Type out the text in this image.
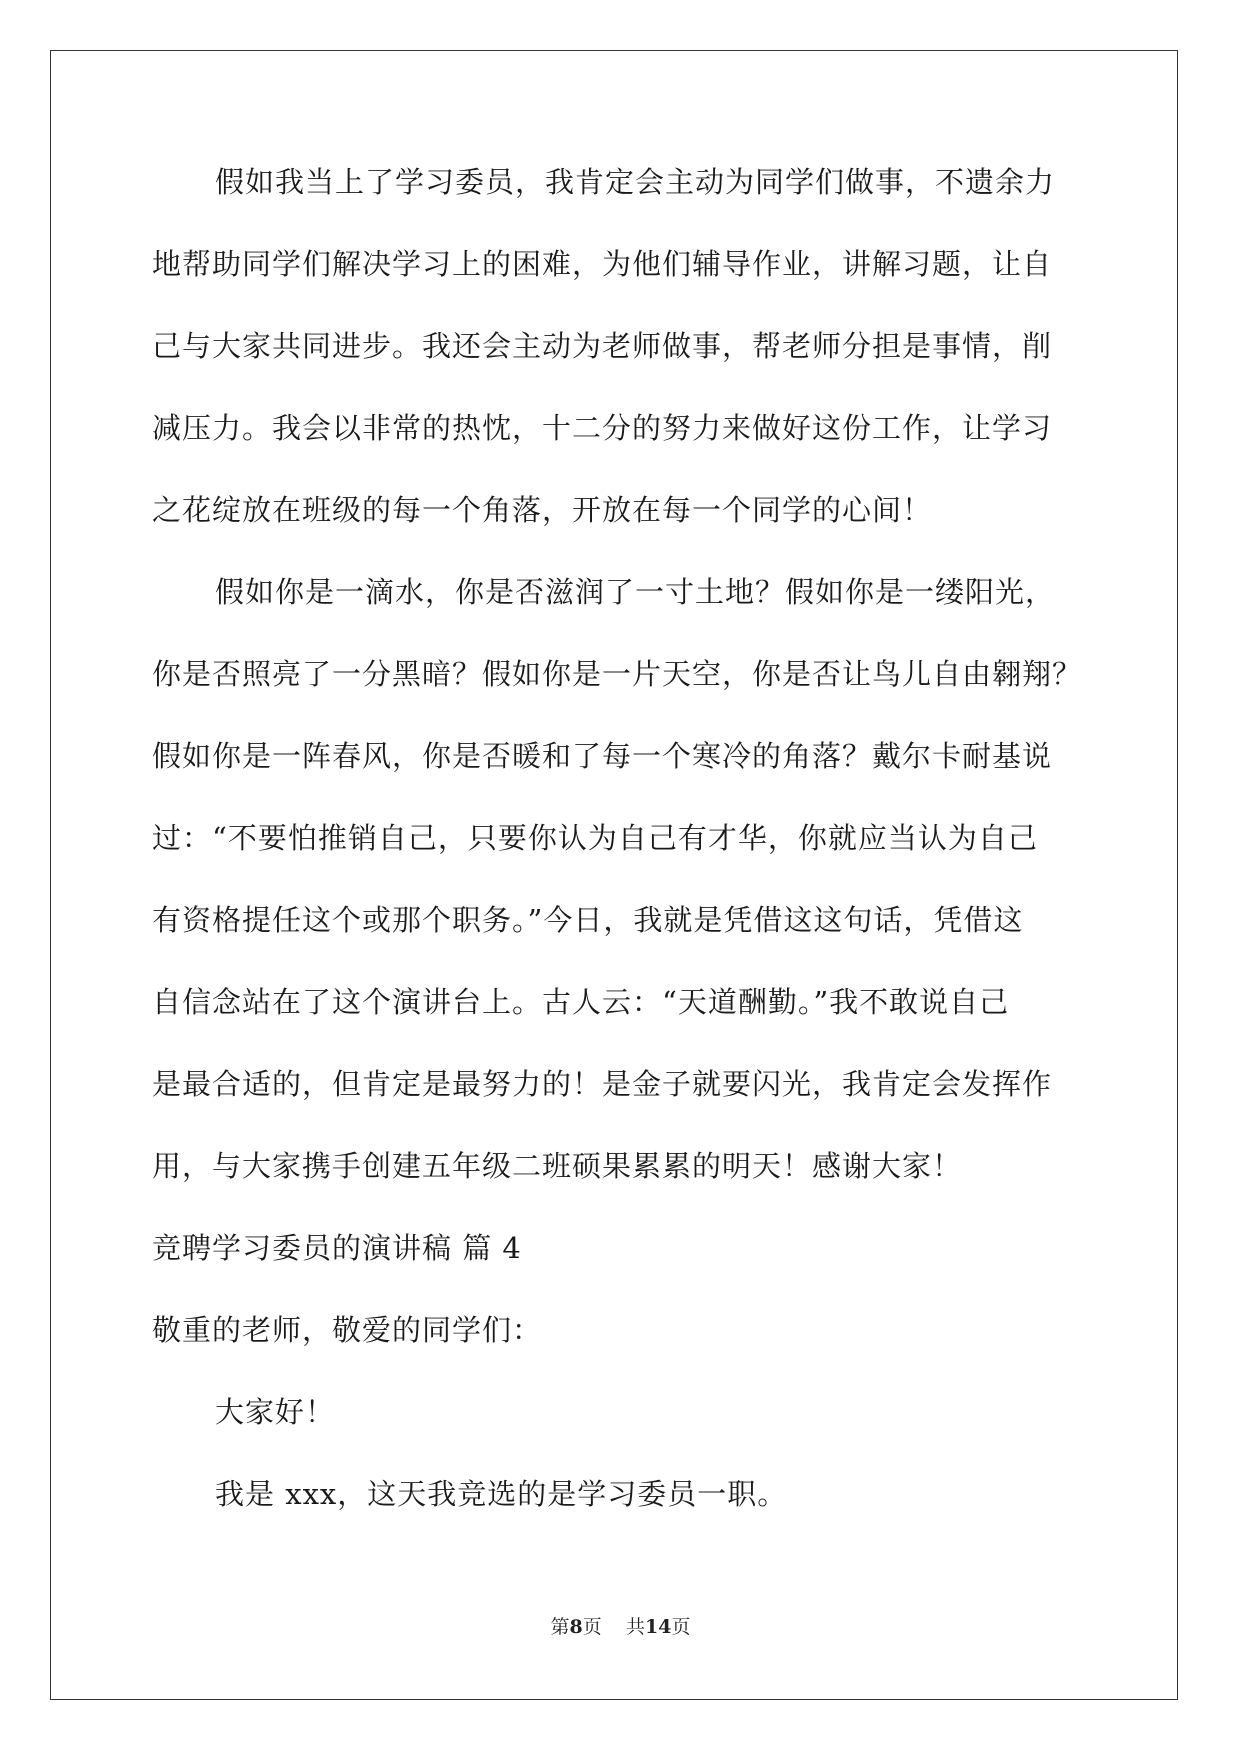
假如我当上了学习委员，我肯定会主动为同学们做事，不遗余力
地帮助同学们解决学习上的困难，为他们辅导作业，讲解习题，让自
己与大家共同进步。我还会主动为老师做事，帮老师分担是事情，削
减压力。我会以非常的热忱，十二分的努力来做好这份工作，让学习
之花绽放在班级的每一个角落，开放在每一个同学的心间！
假如你是一滴水，你是否滋润了一寸土地？假如你是一缕阳光，
你是否照亮了一分黑暗？假如你是一片天空，你是否让鸟儿自由翱翔？
假如你是一阵春风，你是否暖和了每一个寒冷的角落？戴尔卡耐基说
过：“不要怕推销自己，只要你认为自己有才华，你就应当认为自己
有资格提任这个或那个职务。”今日，我就是凭借这这句话，凭借这
自信念站在了这个演讲台上。古人云：“天道酬勤。”我不敢说自己
是最合适的，但肯定是最努力的！是金子就要闪光，我肯定会发挥作
用，与大家携手创建五年级二班硕果累累的明天！感谢大家！
竞聘学习委员的演讲稿 篇 4
敬重的老师，敬爱的同学们：
大家好！
我是 xxx，这天我竞选的是学习委员一职。
第8页 共14页
